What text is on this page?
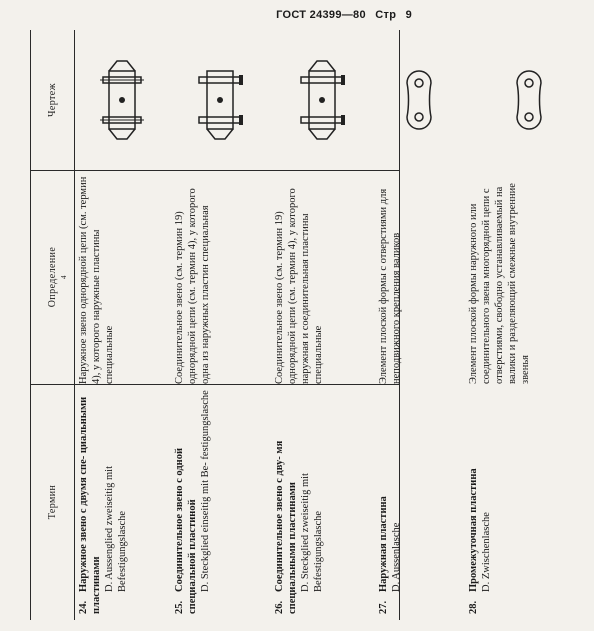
ГОСТ 24399—80 Стр 9
Термин
Определение 4
Чертеж
24.Наружное звено с двумя спе- циальными пластинами D. Aussenglied zweiseitig mit Befestigungslasche
Наружное звено однорядной цепи (см. термин 4), у которого наружные пластины специальные
25.Соединительное звено с одной специальной пластиной D. Steckglied einseitig mit Be- festigungslasche
Соединительное звено (см. термин 19) однорядной цепи (см. термин 4), у которого одна из наружных пластин специальная
26.Соединительное звено с дву- мя специальными пластинами D. Steckglied zweiseitig mit Befestigungslasche
Соединительное звено (см. термин 19) однорядной цепи (см. термин 4), у которого наружная и соединительная пластины специальные
27.Наружная пластина D. Aussenlasche
Элемент плоской формы с отверстиями для неподвижного крепления валиков
28.Промежуточная пластина D. Zwischenlasche
Элемент плоской формы наружного или соединительного звена многорядной цепи с отверстиями, свободно устанавливаемый на валики и разделяющий смежные внутренние звенья
